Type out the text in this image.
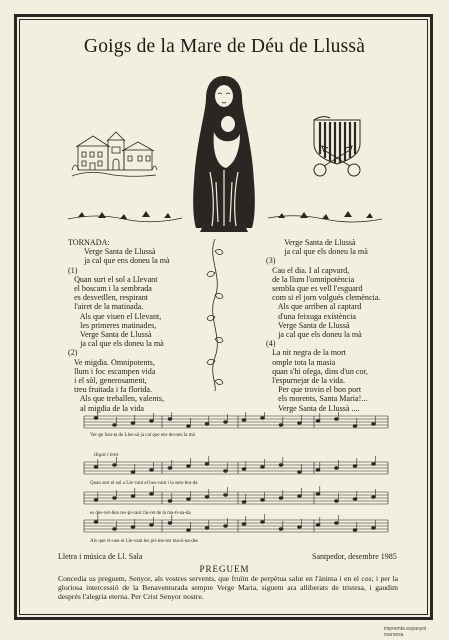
Goigs de la Mare de Déu de Llussà
TORNADA:
Verge Santa de Llussà
ja cal que ens doneu la mà
(1)
Quan surt el sol a Llevant
el boscam i la sembrada
es desvetllen, respirant
l'airet de la matinada.
Als que viuen el Llevant,
les primeres matinades,
Verge Santa de Llussà
ja cal que els doneu la mà
(2)
Ve migdia. Omnipotents,
llum i foc escampen vida
i el sòl, generosament,
treu fruitada i fa florida.
Als que treballen, valents,
al migdia de la vida
Verge Santa de Llussà
ja cal que els doneu la mà
(3)
Cau el dia. I al capvard,
de la llum l'omnipotència
sembla que es vell l'esguard
com si el jorn volgués clemència.
Als que arriben al captard
d'una feixuga existència
Verge Santa de Llussà
ja cal que els doneu la mà
(4)
La nit negra de la mort
omple tota la masia
quan s'hi ofega, dins d'un cor,
l'espurnejar de la vida.
Per que trovin el bon port
els morents, Santa Maria!...
Verge Santa de Llussà ....
Ver-ge San-ta de Llus-sà ja cal que ens do-neu la mà
lligat i lent
Quan surt el sol a Lle-vant el bos-cam i la sem-bra-da
es des-vet-llen res-pi-rant l'ai-ret de la ma-ti-na-da
Als que vi-uen el Lle-vant les pri-me-res ma-ti-na-des
Lletra i música de Ll. Sala	Santpedor, desembre 1985
PREGUEM
Concedia us preguem, Senyor, als vostres servents, que fruïm de perpètua salut en l'ànima i en el cos; i per la gloriosa intercessió de la Benaventurada sempre Verge Maria, siguem ara alliberats de tristesa, i gaudim després l'alegria eterna. Per Crist Senyor nostre.
impremta espanyol · manresa
